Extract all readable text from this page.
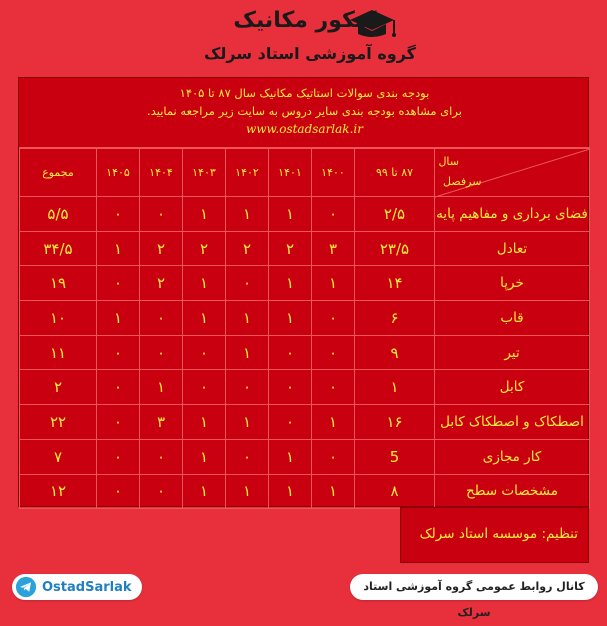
کنکور مکانیک
گروه آموزشی استاد سرلک
بودجه بندی سوالات استاتیک مکانیک سال ۸۷ تا ۱۴۰۵
برای مشاهده بودجه بندی سایر دروس به سایت زیر مراجعه نمایید.
www.ostadsarlak.ir
سال
سرفصل	۸۷ تا ۹۹	۱۴۰۰	۱۴۰۱	۱۴۰۲	۱۴۰۳	۱۴۰۴	۱۴۰۵	مجموع
فضای برداری و مفاهیم پایه	۲/۵	۰	۱	۱	۱	۰	۰	۵/۵
تعادل	۲۳/۵	۳	۲	۲	۲	۲	۱	۳۴/۵
خرپا	۱۴	۱	۱	۰	۱	۲	۰	۱۹
قاب	۶	۰	۱	۱	۱	۰	۱	۱۰
تیر	۹	۰	۰	۱	۰	۰	۰	۱۱
کابل	۱	۰	۰	۰	۰	۱	۰	۲
اصطکاک و اصطکاک کابل	۱۶	۱	۰	۱	۱	۳	۰	۲۲
کار مجازی	5	۰	۱	۰	۱	۰	۰	۷
مشخصات سطح	۸	۱	۱	۱	۱	۰	۰	۱۲
تنظیم: موسسه استاد سرلک
OstadSarlak	کانال روابط عمومی گروه آموزشی استاد سرلک
